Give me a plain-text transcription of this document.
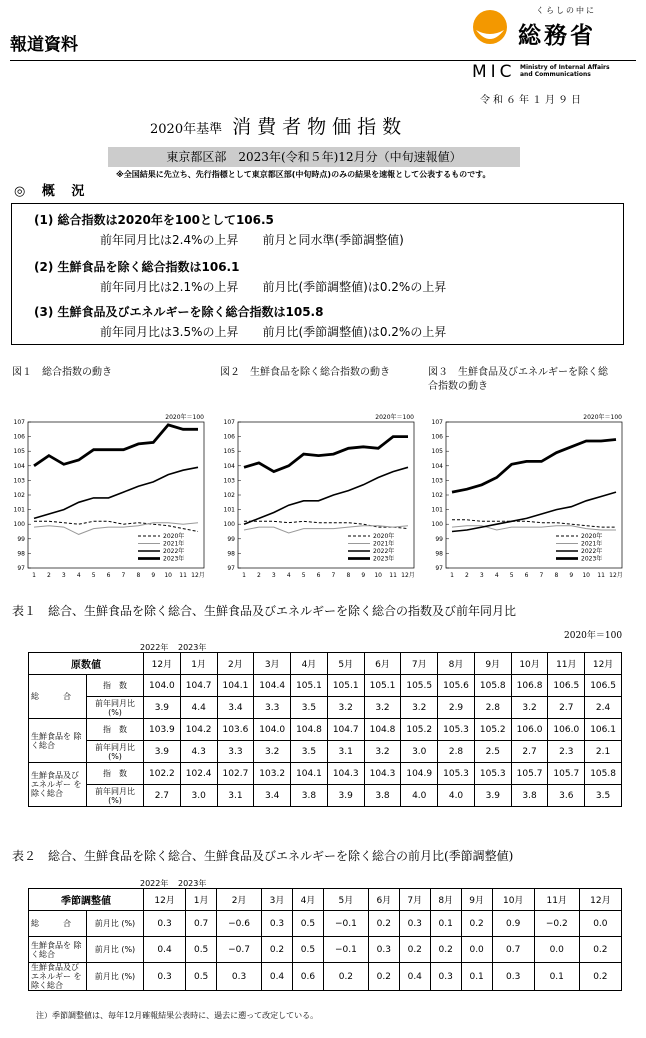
報道資料
くらしの中に
総務省
MIC Ministry of Internal Affairs
and Communications
令和６年１月９日
2020年基準 消費者物価指数
東京都区部　2023年(令和５年)12月分（中旬速報値）
※全国結果に先立ち、先行指標として東京都区部(中旬時点)のみの結果を速報として公表するものです。
◎ 概 況
(1) 総合指数は2020年を100として106.5
前年同月比は2.4%の上昇　　前月と同水準(季節調整値)
(2) 生鮮食品を除く総合指数は106.1
前年同月比は2.1%の上昇　　前月比(季節調整値)は0.2%の上昇
(3) 生鮮食品及びエネルギーを除く総合指数は105.8
前年同月比は3.5%の上昇　　前月比(季節調整値)は0.2%の上昇
図１　総合指数の動き	図２　生鮮食品を除く総合指数の動き	図３　生鮮食品及びエネルギーを除く総合指数の動き
2020年＝100
97
98
99
100
101
102
103
104
105
106
107
1 2 3 4 5 6 7 8 9 10 11 12月
2020年
2021年
2022年
2023年
2020年＝100
97
98
99
100
101
102
103
104
105
106
107
1 2 3 4 5 6 7 8 9 10 11 12月
2020年
2021年
2022年
2023年
2020年＝100
97
98
99
100
101
102
103
104
105
106
107
1 2 3 4 5 6 7 8 9 10 11 12月
2020年
2021年
2022年
2023年
表１　総合、生鮮食品を除く総合、生鮮食品及びエネルギーを除く総合の指数及び前年同月比
2020年＝100
2022年 2023年
原数値		12月	1月	2月	3月	4月	5月	6月	7月	8月	9月	10月	11月	12月
総　　　合	指　数	104.0	104.7	104.1	104.4	105.1	105.1	105.1	105.5	105.6	105.8	106.8	106.5	106.5
	前年同月比 (%)	3.9	4.4	3.4	3.3	3.5	3.2	3.2	3.2	2.9	2.8	3.2	2.7	2.4
生鮮食品を 除く総合	指　数	103.9	104.2	103.6	104.0	104.8	104.7	104.8	105.2	105.3	105.2	106.0	106.0	106.1
	前年同月比 (%)	3.9	4.3	3.3	3.2	3.5	3.1	3.2	3.0	2.8	2.5	2.7	2.3	2.1
生鮮食品及び エネルギー を除く総合	指　数	102.2	102.4	102.7	103.2	104.1	104.3	104.3	104.9	105.3	105.3	105.7	105.7	105.8
	前年同月比 (%)	2.7	3.0	3.1	3.4	3.8	3.9	3.8	4.0	4.0	3.9	3.8	3.6	3.5
表２　総合、生鮮食品を除く総合、生鮮食品及びエネルギーを除く総合の前月比(季節調整値)
2022年 2023年
季節調整値		12月	1月	2月	3月	4月	5月	6月	7月	8月	9月	10月	11月	12月
総　　　合	前月比 (%)	0.3	0.7	−0.6	0.3	0.5	−0.1	0.2	0.3	0.1	0.2	0.9	−0.2	0.0
生鮮食品を 除く総合	前月比 (%)	0.4	0.5	−0.7	0.2	0.5	−0.1	0.3	0.2	0.2	0.0	0.7	0.0	0.2
生鮮食品及び エネルギー を除く総合	前月比 (%)	0.3	0.5	0.3	0.4	0.6	0.2	0.2	0.4	0.3	0.1	0.3	0.1	0.2
注）季節調整値は、毎年12月確報結果公表時に、過去に遡って改定している。
